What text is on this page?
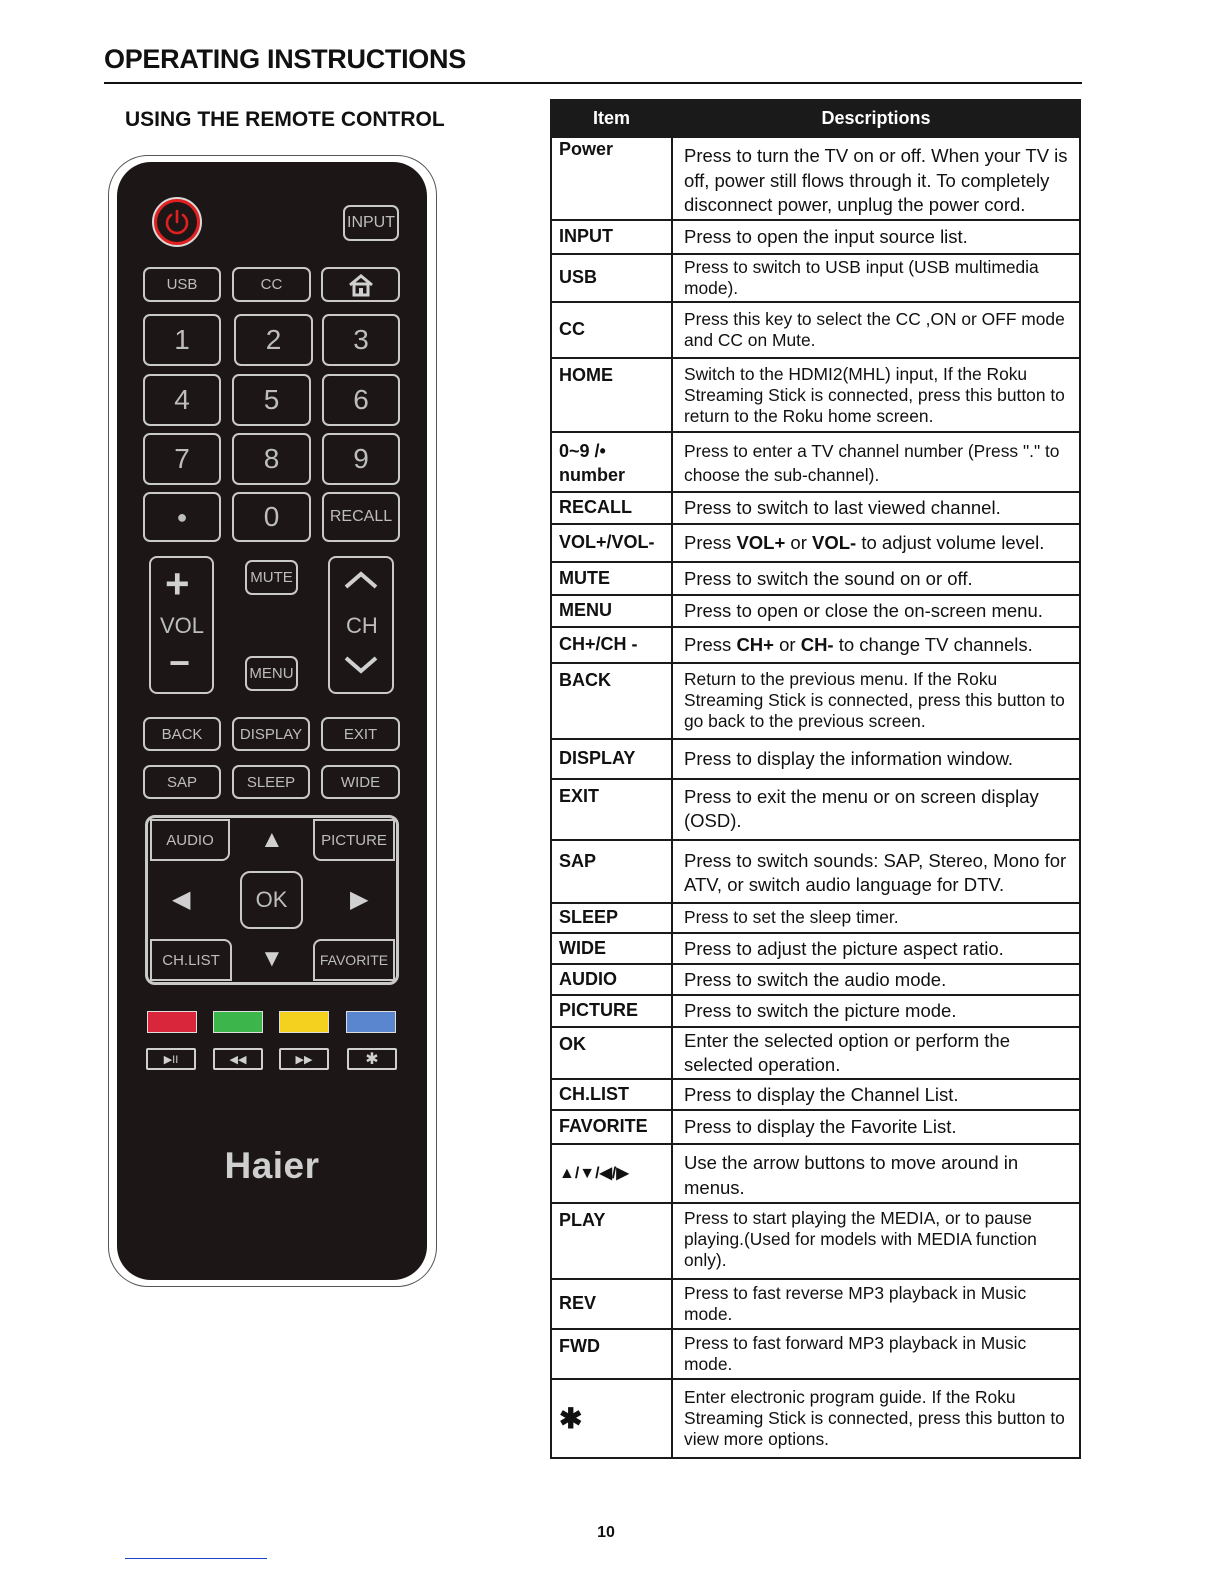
OPERATING INSTRUCTIONS
USING THE REMOTE CONTROL
INPUT
USB	CC
1	2	3
4	5	6
7	8	9
●	0	RECALL
+
VOL
−
MUTE
MENU
CH
BACK	DISPLAY	EXIT
SAP	SLEEP	WIDE
AUDIO	PICTURE
CH.LIST	FAVORITE
OK
▲
▼
◀	▶
▶II	◀◀	▶▶	✱
Haier
Item	Descriptions
Power	Press to turn the TV on or off. When your TV is off, power still flows through it. To completely disconnect power, unplug the power cord.
INPUT	Press to open the input source list.
USB	Press to switch to USB input (USB multimedia mode).
CC	Press this key to select the CC ,ON or OFF mode and CC on Mute.
HOME	Switch to the HDMI2(MHL) input, If the Roku Streaming Stick is connected, press this button to return to the Roku home screen.
0~9 /• number	Press to enter a TV channel number (Press "." to choose the sub-channel).
RECALL	Press to switch to last viewed channel.
VOL+/VOL-	Press VOL+ or VOL- to adjust volume level.
MUTE	Press to switch the sound on or off.
MENU	Press to open or close the on-screen menu.
CH+/CH -	Press CH+ or CH- to change TV channels.
BACK	Return to the previous menu. If the Roku Streaming Stick is connected, press this button to go back to the previous screen.
DISPLAY	Press to display the information window.
EXIT	Press to exit the menu or on screen display (OSD).
SAP	Press to switch sounds: SAP, Stereo, Mono for ATV, or switch audio language for DTV.
SLEEP	Press to set the sleep timer.
WIDE	Press to adjust the picture aspect ratio.
AUDIO	Press to switch the audio mode.
PICTURE	Press to switch the picture mode.
OK	Enter the selected option or perform the selected operation.
CH.LIST	Press to display the Channel List.
FAVORITE	Press to display the Favorite List.
▲/▼/◀/▶	Use the arrow buttons to move around in menus.
PLAY	Press to start playing the MEDIA, or to pause playing.(Used for models with MEDIA function only).
REV	Press to fast reverse MP3 playback in Music mode.
FWD	Press to fast forward MP3 playback in Music mode.
✱	Enter electronic program guide. If the Roku Streaming Stick is connected, press this button to view more options.
10
